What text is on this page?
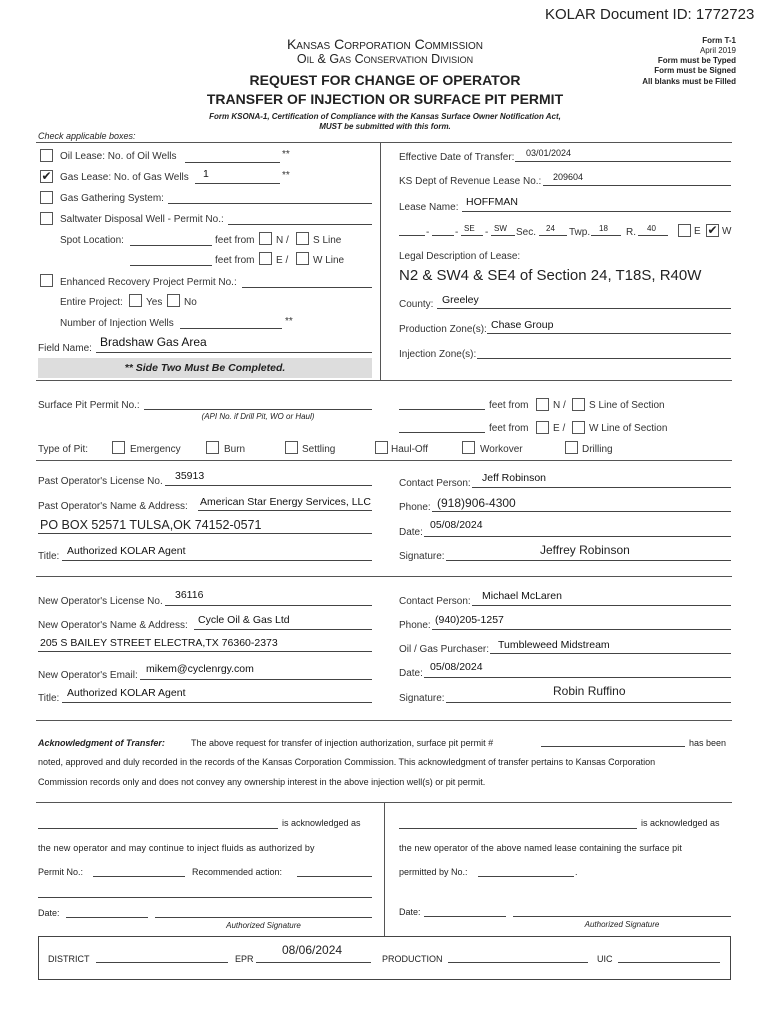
KOLAR Document ID: 1772723
Form T-1
April 2019
Form must be Typed
Form must be Signed
All blanks must be Filled
Kansas Corporation Commission
Oil & Gas Conservation Division
REQUEST FOR CHANGE OF OPERATOR
TRANSFER OF INJECTION OR SURFACE PIT PERMIT
Form KSONA-1, Certification of Compliance with the Kansas Surface Owner Notification Act,
MUST be submitted with this form.
Check applicable boxes:
Oil Lease: No. of Oil Wells	**
✔ Gas Lease: No. of Gas Wells 1	**
Gas Gathering System:
Saltwater Disposal Well - Permit No.:
Spot Location:	feet from N / S Line
feet from E / W Line
Enhanced Recovery Project Permit No.:
Entire Project: Yes No
Number of Injection Wells	**
Field Name: Bradshaw Gas Area
** Side Two Must Be Completed.
Effective Date of Transfer: 03/01/2024
KS Dept of Revenue Lease No.: 209604
Lease Name: HOFFMAN
-	- SE - SW Sec. 24 Twp. 18 R. 40	E ✔ W
Legal Description of Lease:
N2 & SW4 & SE4 of Section 24, T18S, R40W
County: Greeley
Production Zone(s): Chase Group
Injection Zone(s):
Surface Pit Permit No.:
(API No. if Drill Pit, WO or Haul)
feet from N / S Line of Section
feet from E / W Line of Section
Type of Pit:	Emergency	Burn	Settling	Haul-Off	Workover	Drilling
Past Operator's License No. 35913
Past Operator's Name & Address: American Star Energy Services, LLC
PO BOX 52571 TULSA,OK 74152-0571
Title: Authorized KOLAR Agent
Contact Person: Jeff Robinson
Phone: (918)906-4300
Date:
05/08/2024
Signature:	Jeffrey Robinson
New Operator's License No.
36116
New Operator's Name & Address: Cycle Oil & Gas Ltd
205 S BAILEY STREET ELECTRA,TX 76360-2373
New Operator's Email:
mikem@cyclenrgy.com
Title: Authorized KOLAR Agent
Contact Person: Michael McLaren
Phone: (940)205-1257
Oil / Gas Purchaser: Tumbleweed Midstream
Date:
05/08/2024
Signature:
Robin Ruffino
Acknowledgment of Transfer:	The above request for transfer of injection authorization, surface pit permit #	has been
noted, approved and duly recorded in the records of the Kansas Corporation Commission. This acknowledgment of transfer pertains to Kansas Corporation
Commission records only and does not convey any ownership interest in the above injection well(s) or pit permit.
is acknowledged as
the new operator and may continue to inject fluids as authorized by
Permit No.:	Recommended action:
Date:
Authorized Signature
is acknowledged as
the new operator of the above named lease containing the surface pit
permitted by No.:	.
Date:
Authorized Signature
DISTRICT	EPR
08/06/2024
PRODUCTION	UIC
